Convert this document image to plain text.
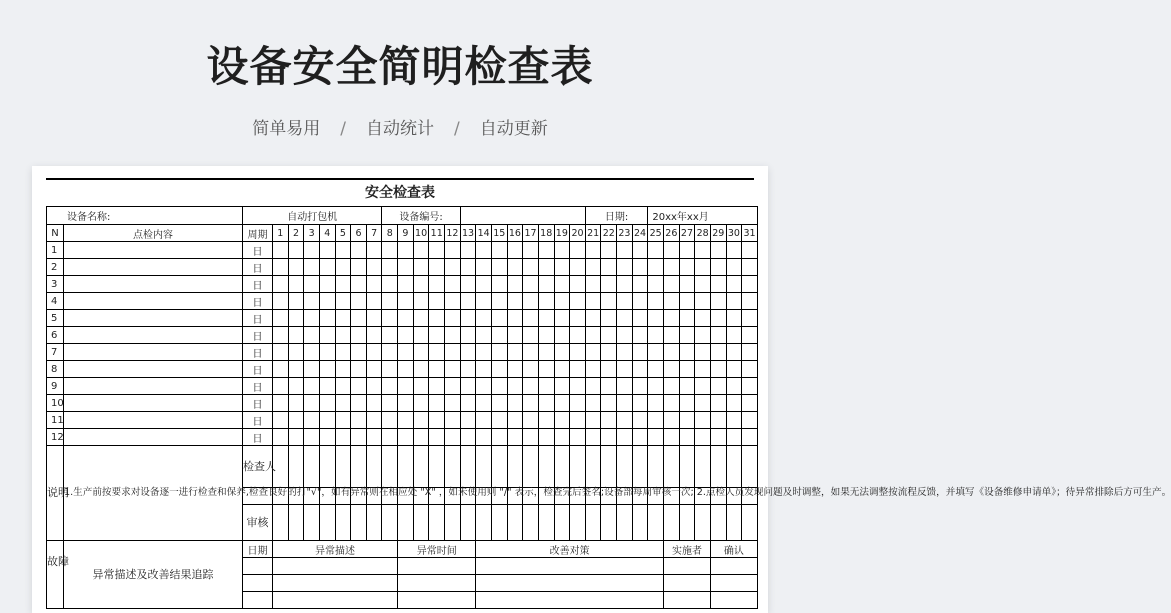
设备安全简明检查表
简单易用 / 自动统计 / 自动更新
安全检查表
设备名称:		自动打包机								设备编号:													日期:				20xx年xx月						
N	点检内容	周期	1	2	3	4	5	6	7	8	9	10	11	12	13	14	15	16	17	18	19	20	21	22	23	24	25	26	27	28	29	30	31
1		日																															
2		日																															
3		日																															
4		日																															
5		日																															
6		日																															
7		日																															
8		日																															
9		日																															
10		日																															
11		日																															
12		日																															
说明	1.生产前按要求对设备逐一进行检查和保养,检查良好的打"√"，如有异常则在相应处 "X" ，如未使用则 "/" 表示，检查完后签名;设备部每周审核一次; 2.点检人员发现问题及时调整，如果无法调整按流程反馈，并填写《设备维修申请单》；待异常排除后方可生产。	检查人																															

		审核																															
故障	异常描述及改善结果追踪	日期	异常描述								异常时间					改善对策												实施者			确认		
